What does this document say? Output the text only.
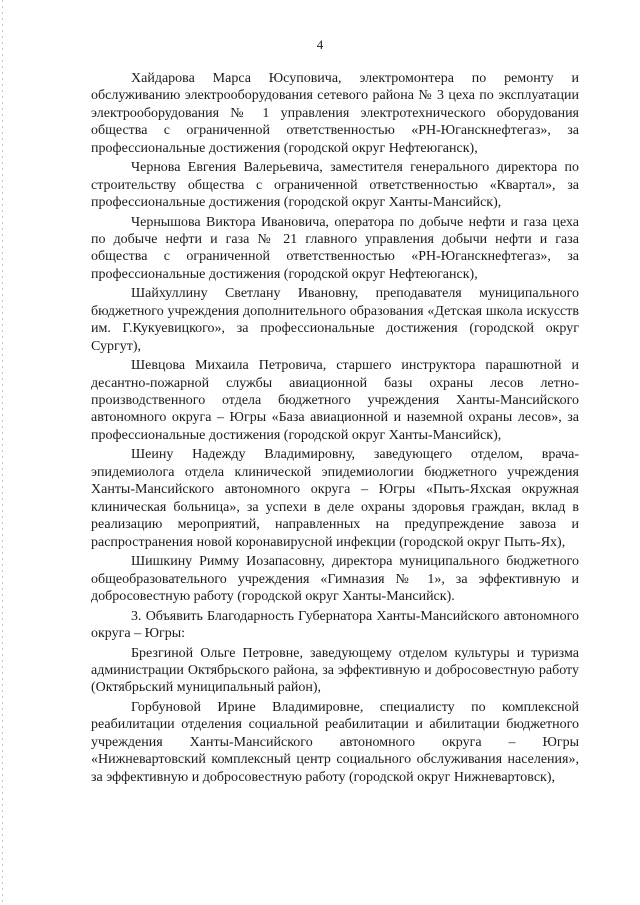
4

Хайдарова Марса Юсуповича, электромонтера по ремонту и обслуживанию электрооборудования сетевого района № 3 цеха по эксплуатации электрооборудования № 1 управления электротехнического оборудования общества с ограниченной ответственностью «РН-Юганскнефтегаз», за профессиональные достижения (городской округ Нефтеюганск),

Чернова Евгения Валерьевича, заместителя генерального директора по строительству общества с ограниченной ответственностью «Квартал», за профессиональные достижения (городской округ Ханты-Мансийск),

Чернышова Виктора Ивановича, оператора по добыче нефти и газа цеха по добыче нефти и газа № 21 главного управления добычи нефти и газа общества с ограниченной ответственностью «РН-Юганскнефтегаз», за профессиональные достижения (городской округ Нефтеюганск),

Шайхуллину Светлану Ивановну, преподавателя муниципального бюджетного учреждения дополнительного образования «Детская школа искусств им. Г.Кукуевицкого», за профессиональные достижения (городской округ Сургут),

Шевцова Михаила Петровича, старшего инструктора парашютной и десантно-пожарной службы авиационной базы охраны лесов летно-производственного отдела бюджетного учреждения Ханты-Мансийского автономного округа – Югры «База авиационной и наземной охраны лесов», за профессиональные достижения (городской округ Ханты-Мансийск),

Шеину Надежду Владимировну, заведующего отделом, врача-эпидемиолога отдела клинической эпидемиологии бюджетного учреждения Ханты-Мансийского автономного округа – Югры «Пыть-Яхская окружная клиническая больница», за успехи в деле охраны здоровья граждан, вклад в реализацию мероприятий, направленных на предупреждение завоза и распространения новой коронавирусной инфекции (городской округ Пыть-Ях),

Шишкину Римму Иозапасовну, директора муниципального бюджетного общеобразовательного учреждения «Гимназия № 1», за эффективную и добросовестную работу (городской округ Ханты-Мансийск).

3. Объявить Благодарность Губернатора Ханты-Мансийского автономного округа – Югры:

Брезгиной Ольге Петровне, заведующему отделом культуры и туризма администрации Октябрьского района, за эффективную и добросовестную работу (Октябрьский муниципальный район),

Горбуновой Ирине Владимировне, специалисту по комплексной реабилитации отделения социальной реабилитации и абилитации бюджетного учреждения Ханты-Мансийского автономного округа – Югры «Нижневартовский комплексный центр социального обслуживания населения», за эффективную и добросовестную работу (городской округ Нижневартовск),
